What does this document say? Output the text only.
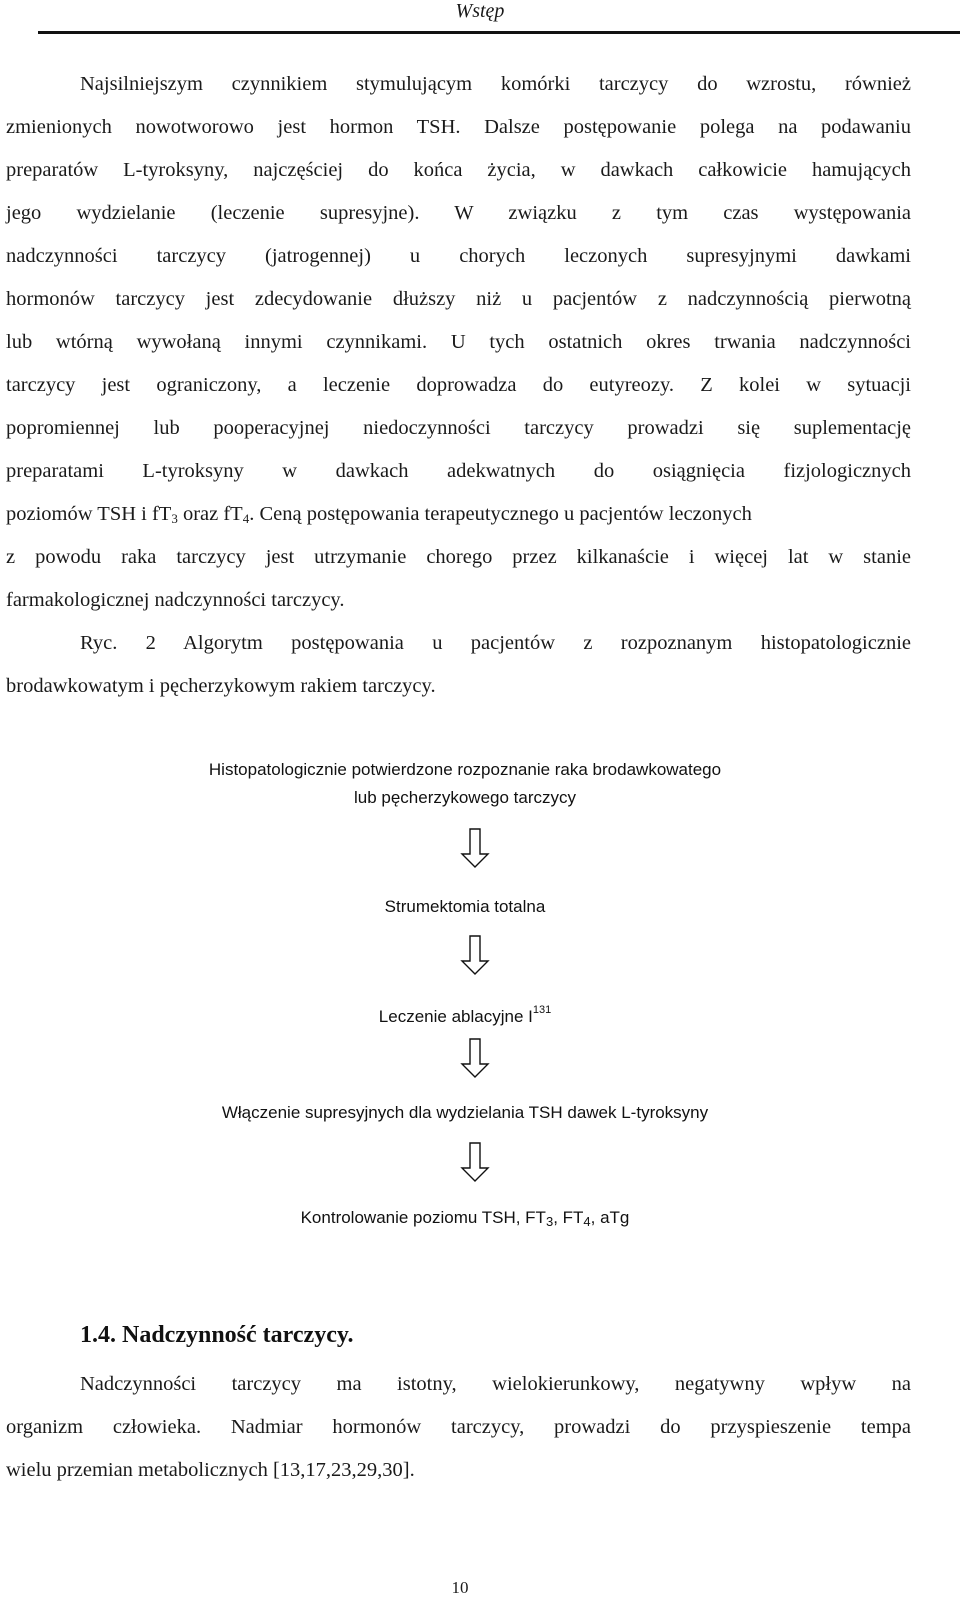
Wstęp
Najsilniejszym czynnikiem stymulującym komórki tarczycy do wzrostu, również
zmienionych nowotworowo jest hormon TSH. Dalsze postępowanie polega na podawaniu
preparatów L-tyroksyny, najczęściej do końca życia, w dawkach całkowicie hamujących
jego wydzielanie (leczenie supresyjne). W związku z tym czas występowania
nadczynności tarczycy (jatrogennej) u chorych leczonych supresyjnymi dawkami
hormonów tarczycy jest zdecydowanie dłuższy niż u pacjentów z nadczynnością pierwotną
lub wtórną wywołaną innymi czynnikami. U tych ostatnich okres trwania nadczynności
tarczycy jest ograniczony, a leczenie doprowadza do eutyreozy. Z kolei w sytuacji
popromiennej lub pooperacyjnej niedoczynności tarczycy prowadzi się suplementację
preparatami L-tyroksyny w dawkach adekwatnych do osiągnięcia fizjologicznych
poziomów TSH i $fT_3$ oraz $fT_4$. Ceną postępowania terapeutycznego u pacjentów leczonych
z powodu raka tarczycy jest utrzymanie chorego przez kilkanaście i więcej lat w stanie
farmakologicznej nadczynności tarczycy.
Ryc. 2 Algorytm postępowania u pacjentów z rozpoznanym histopatologicznie
brodawkowatym i pęcherzykowym rakiem tarczycy.
Histopatologicznie potwierdzone rozpoznanie raka brodawkowatego
lub pęcherzykowego tarczycy
Strumektomia totalna
Leczenie ablacyjne $I^{131}$
Włączenie supresyjnych dla wydzielania TSH dawek L-tyroksyny
Kontrolowanie poziomu TSH, $FT_3$, $FT_4$, aTg
1.4. Nadczynność tarczycy.
Nadczynności tarczycy ma istotny, wielokierunkowy, negatywny wpływ na
organizm człowieka. Nadmiar hormonów tarczycy, prowadzi do przyspieszenie tempa
wielu przemian metabolicznych [13,17,23,29,30].
10
